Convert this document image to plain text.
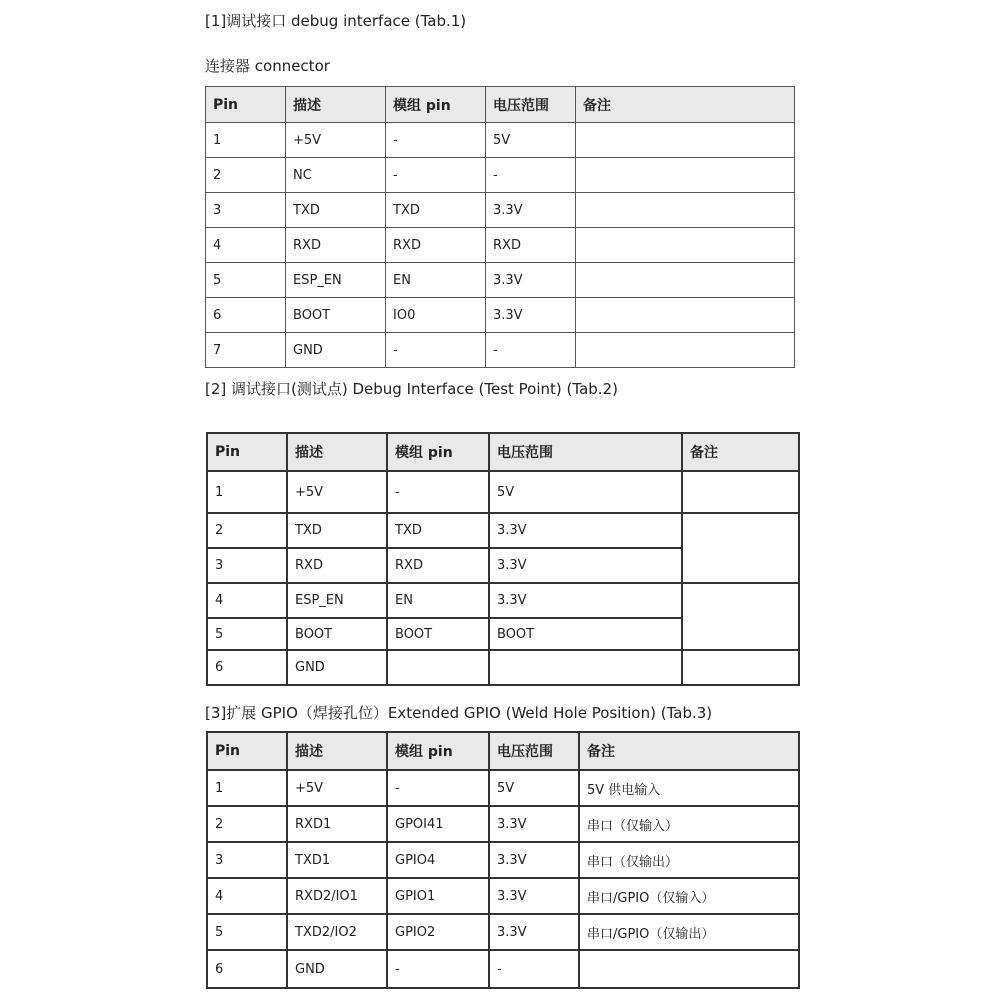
[1]调试接口 debug interface (Tab.1)
连接器 connector
Pin	描述	模组 pin	电压范围	备注
1	+5V	-	5V	
2	NC	-	-	
3	TXD	TXD	3.3V	
4	RXD	RXD	RXD	
5	ESP_EN	EN	3.3V	
6	BOOT	IO0	3.3V	
7	GND	-	-	
[2] 调试接口(测试点) Debug Interface (Test Point) (Tab.2)
Pin	描述	模组 pin	电压范围	备注
1	+5V	-	5V	
2	TXD	TXD	3.3V	
3	RXD	RXD	3.3V	
4	ESP_EN	EN	3.3V	
5	BOOT	BOOT	BOOT	
6	GND			
[3]扩展 GPIO（焊接孔位）Extended GPIO (Weld Hole Position) (Tab.3)
Pin	描述	模组 pin	电压范围	备注
1	+5V	-	5V	5V 供电输入
2	RXD1	GPOI41	3.3V	串口（仅输入）
3	TXD1	GPIO4	3.3V	串口（仅输出）
4	RXD2/IO1	GPIO1	3.3V	串口/GPIO（仅输入）
5	TXD2/IO2	GPIO2	3.3V	串口/GPIO（仅输出）
6	GND	-	-	
